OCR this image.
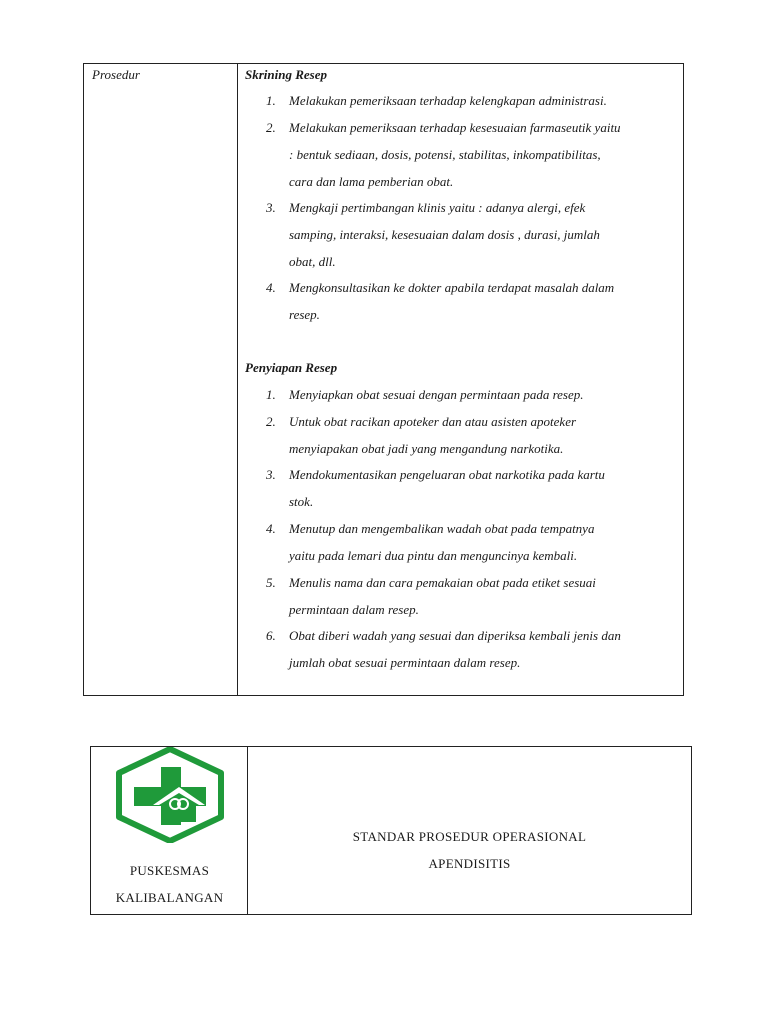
Prosedur	Skrining Resep
1.	Melakukan pemeriksaan terhadap kelengkapan administrasi.
2.	Melakukan pemeriksaan terhadap kesesuaian farmaseutik yaitu
: bentuk sediaan, dosis, potensi, stabilitas, inkompatibilitas,
cara dan lama pemberian obat.
3.	Mengkaji pertimbangan klinis yaitu : adanya alergi, efek
samping, interaksi, kesesuaian dalam dosis , durasi, jumlah
obat, dll.
4.	Mengkonsultasikan ke dokter apabila terdapat masalah dalam
resep.
Penyiapan Resep
1.	Menyiapkan obat sesuai dengan permintaan pada resep.
2.	Untuk obat racikan apoteker dan atau asisten apoteker
menyiapakan obat jadi yang mengandung narkotika.
3.	Mendokumentasikan pengeluaran obat narkotika pada kartu
stok.
4.	Menutup dan mengembalikan wadah obat pada tempatnya
yaitu pada lemari dua pintu dan menguncinya kembali.
5.	Menulis nama dan cara pemakaian obat pada etiket sesuai
permintaan dalam resep.
6.	Obat diberi wadah yang sesuai dan diperiksa kembali jenis dan
jumlah obat sesuai permintaan dalam resep.
PUSKESMAS
KALIBALANGAN
STANDAR PROSEDUR OPERASIONAL
APENDISITIS
